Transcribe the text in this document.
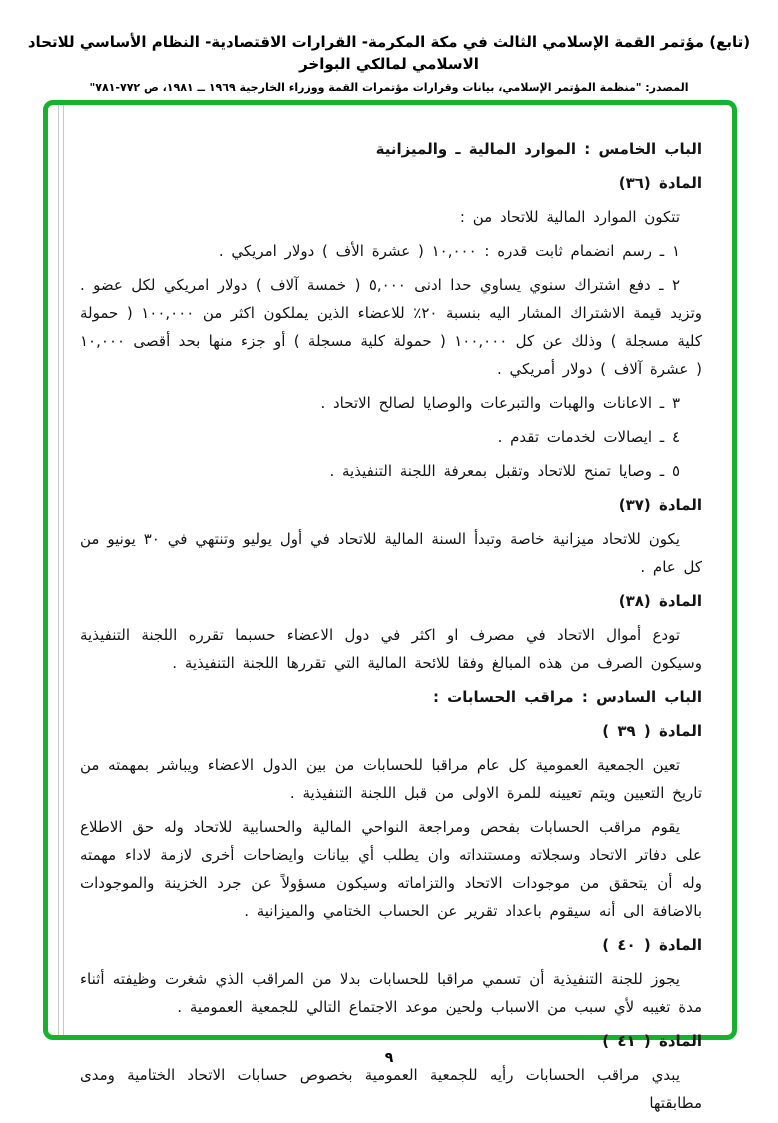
(تابع) مؤتمر القمة الإسلامي الثالث في مكة المكرمة- القرارات الاقتصادية- النظام الأساسي للاتحاد الاسلامي لمالكي البواخر
المصدر: "منظمة المؤتمر الإسلامي، بيانات وقرارات مؤتمرات القمة ووزراء الخارجية ١٩٦٩ ــ ١٩٨١، ص ٧٧٢-٧٨١"
الباب الخامس : الموارد المالية ـ والميزانية
المادة (٣٦)
تتكون الموارد المالية للاتحاد من :
١ ـ رسم انضمام ثابت قدره : ١٠,٠٠٠ ( عشرة الأف ) دولار امريكي .
٢ ـ دفع اشتراك سنوي يساوي حدا ادنى ٥,٠٠٠ ( خمسة آلاف ) دولار امريكي لكل عضو . وتزيد قيمة الاشتراك المشار اليه بنسبة ٢٠٪ للاعضاء الذين يملكون اكثر من ١٠٠,٠٠٠ ( حمولة كلية مسجلة ) وذلك عن كل ١٠٠,٠٠٠ ( حمولة كلية مسجلة ) أو جزء منها بحد أقصى ١٠,٠٠٠ ( عشرة آلاف ) دولار أمريكي .
٣ ـ الاعانات والهبات والتبرعات والوصايا لصالح الاتحاد .
٤ ـ ايصالات لخدمات تقدم .
٥ ـ وصايا تمنح للاتحاد وتقبل بمعرفة اللجنة التنفيذية .
المادة (٣٧)
يكون للاتحاد ميزانية خاصة وتبدأ السنة المالية للاتحاد في أول يوليو وتنتهي في ٣٠ يونيو من كل عام .
المادة (٣٨)
تودع أموال الاتحاد في مصرف او اكثر في دول الاعضاء حسبما تقرره اللجنة التنفيذية وسيكون الصرف من هذه المبالغ وفقا للائحة المالية التي تقررها اللجنة التنفيذية .
الباب السادس : مراقب الحسابات :
المادة ( ٣٩ )
تعين الجمعية العمومية كل عام مراقبا للحسابات من بين الدول الاعضاء ويباشر بمهمته من تاريخ التعيين ويتم تعيينه للمرة الاولى من قبل اللجنة التنفيذية .
يقوم مراقب الحسابات بفحص ومراجعة النواحي المالية والحسابية للاتحاد وله حق الاطلاع على دفاتر الاتحاد وسجلاته ومستنداته وان يطلب أي بيانات وايضاحات أخرى لازمة لاداء مهمته وله أن يتحقق من موجودات الاتحاد والتزاماته وسيكون مسؤولاً عن جرد الخزينة والموجودات بالاضافة الى أنه سيقوم باعداد تقرير عن الحساب الختامي والميزانية .
المادة ( ٤٠ )
يجوز للجنة التنفيذية أن تسمي مراقبا للحسابات بدلا من المراقب الذي شغرت وظيفته أثناء مدة تغيبه لأي سبب من الاسباب ولحين موعد الاجتماع التالي للجمعية العمومية .
المادة ( ٤١ )
يبدي مراقب الحسابات رأيه للجمعية العمومية بخصوص حسابات الاتحاد الختامية ومدى مطابقتها
٩
